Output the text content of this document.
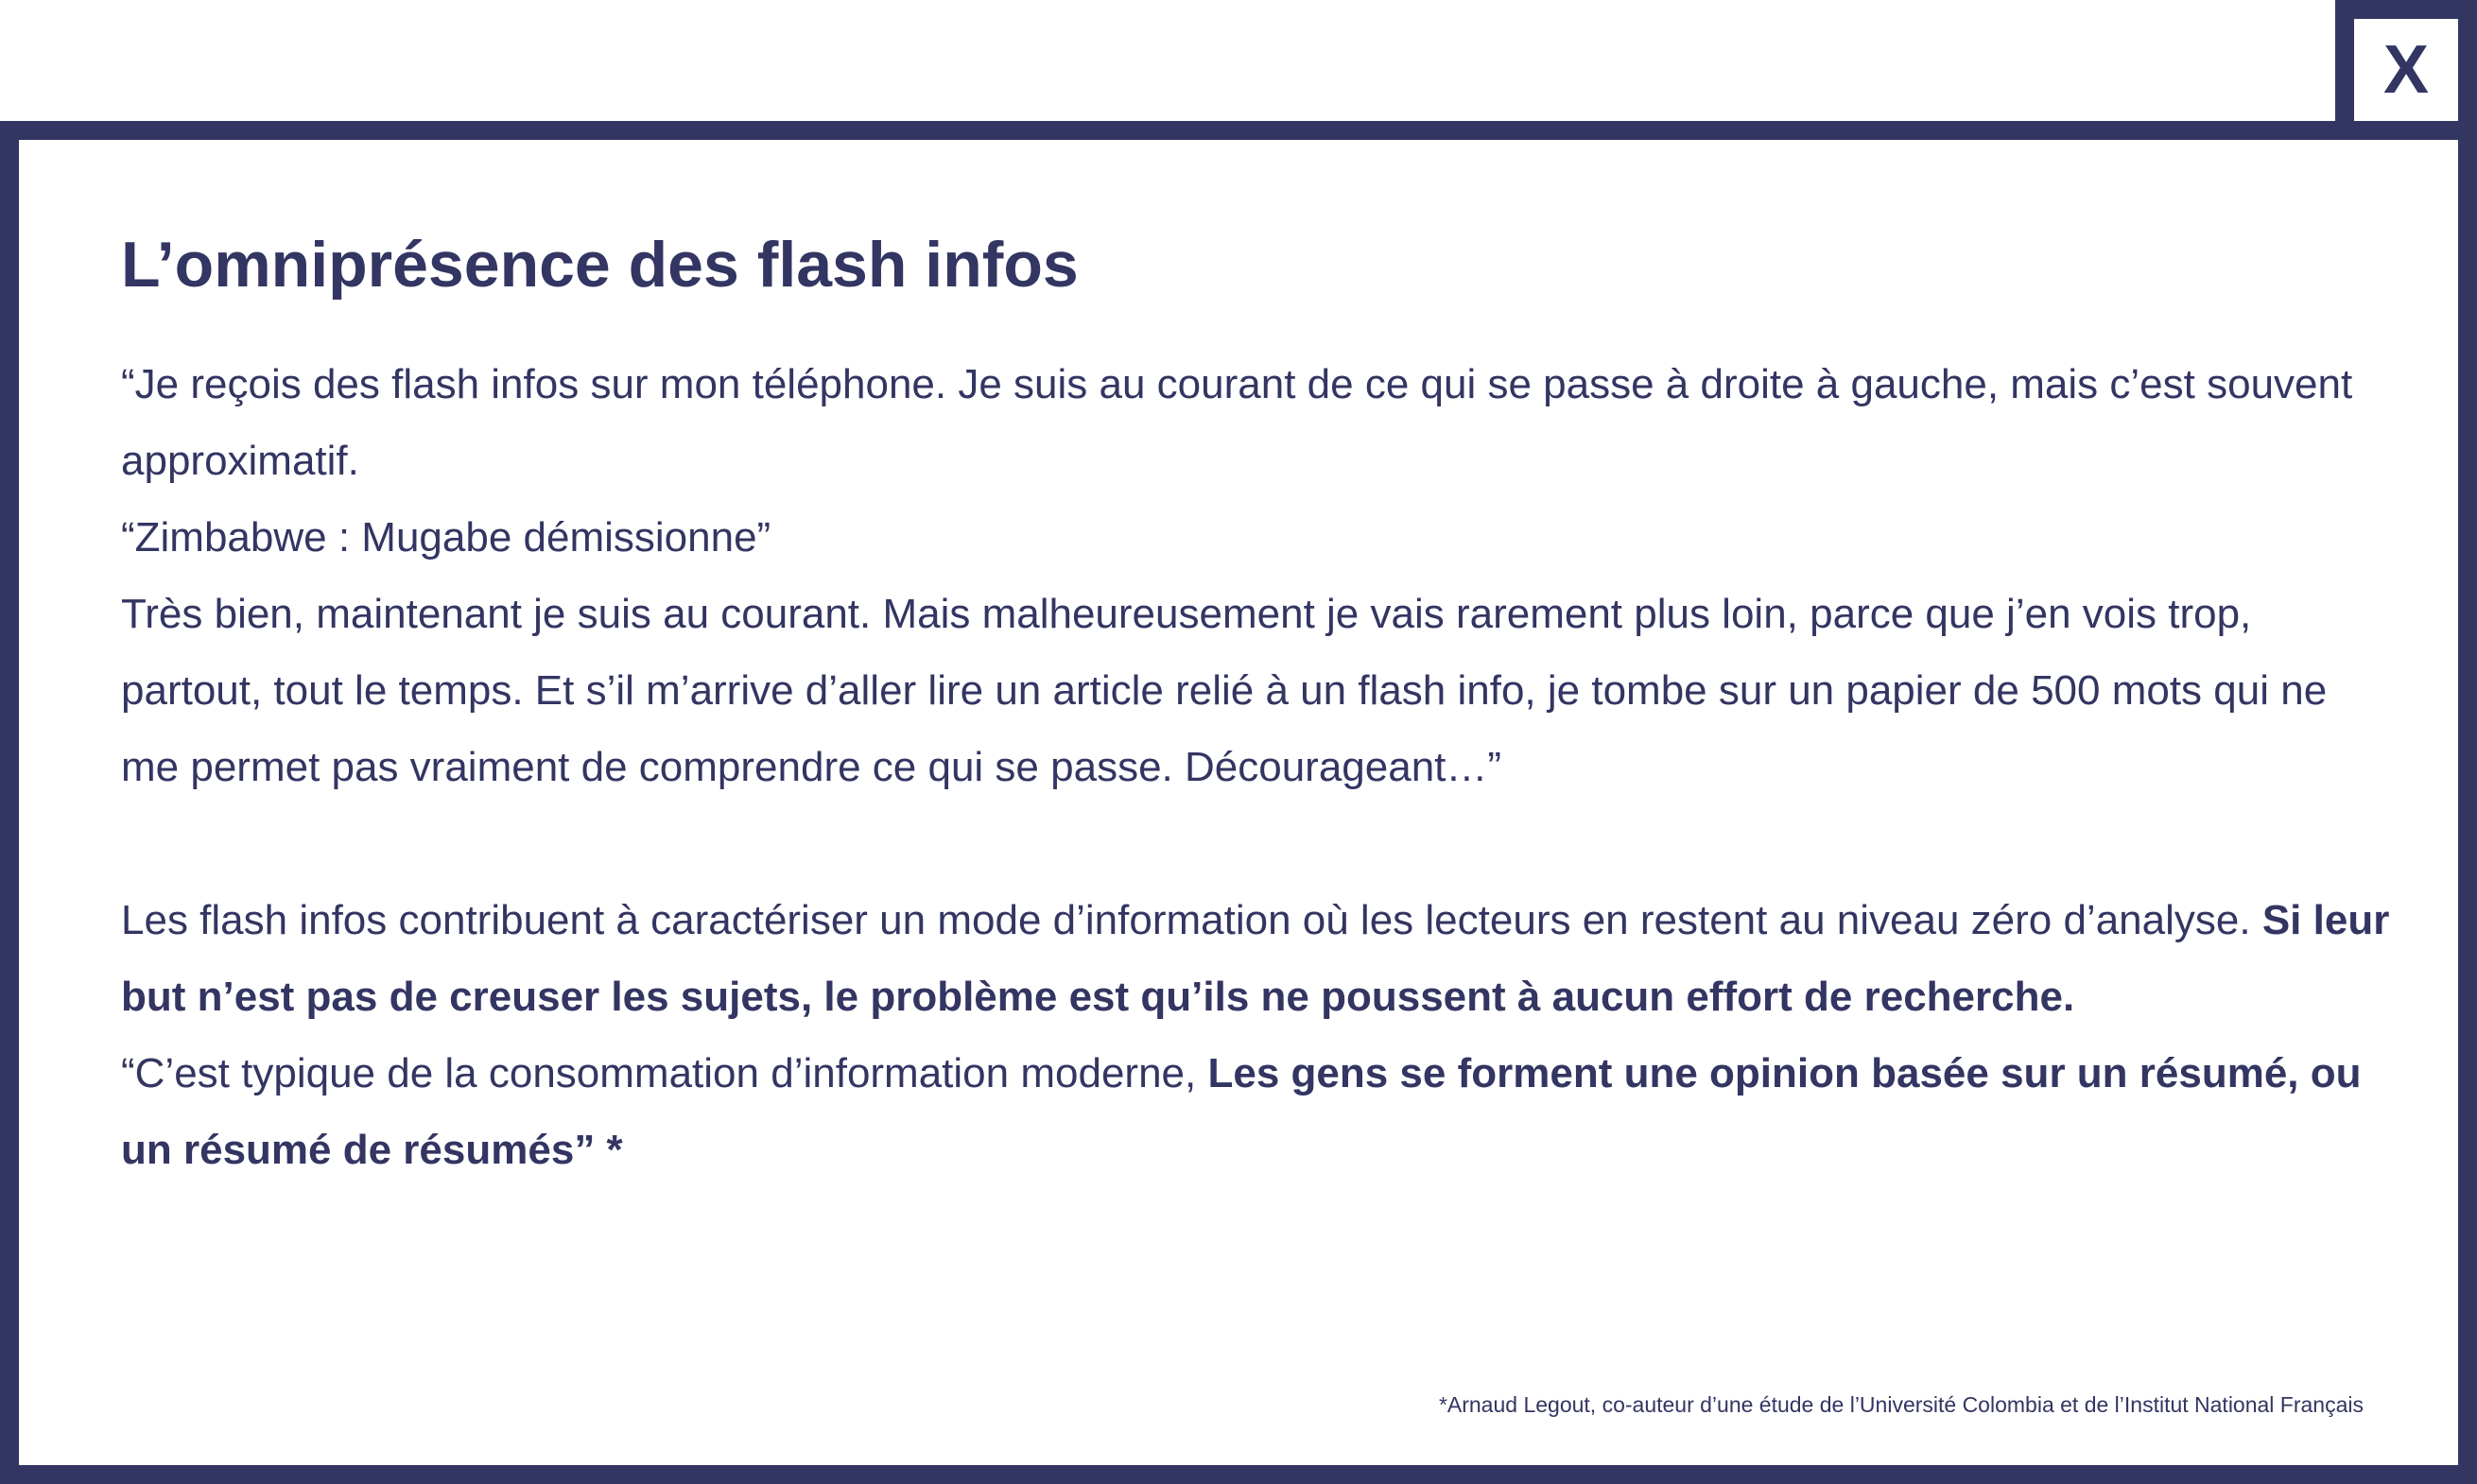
X
L’omniprésence des flash infos

“Je reçois des flash infos sur mon téléphone. Je suis au courant de ce qui se passe à droite à gauche, mais c’est souvent approximatif.

“Zimbabwe : Mugabe démissionne”

Très bien, maintenant je suis au courant. Mais malheureusement je vais rarement plus loin, parce que j’en vois trop, partout, tout le temps. Et s’il m’arrive d’aller lire un article relié à un flash info, je tombe sur un papier de 500 mots qui ne me permet pas vraiment de comprendre ce qui se passe. Décourageant…”

Les flash infos contribuent à caractériser un mode d’information où les lecteurs en restent au niveau zéro d’analyse. Si leur but n’est pas de creuser les sujets, le problème est qu’ils ne poussent à aucun effort de recherche.

“C’est typique de la consommation d’information moderne, Les gens se forment une opinion basée sur un résumé, ou un résumé de résumés” *

*Arnaud Legout, co-auteur d’une étude de l’Université Colombia et de l’Institut National Français
